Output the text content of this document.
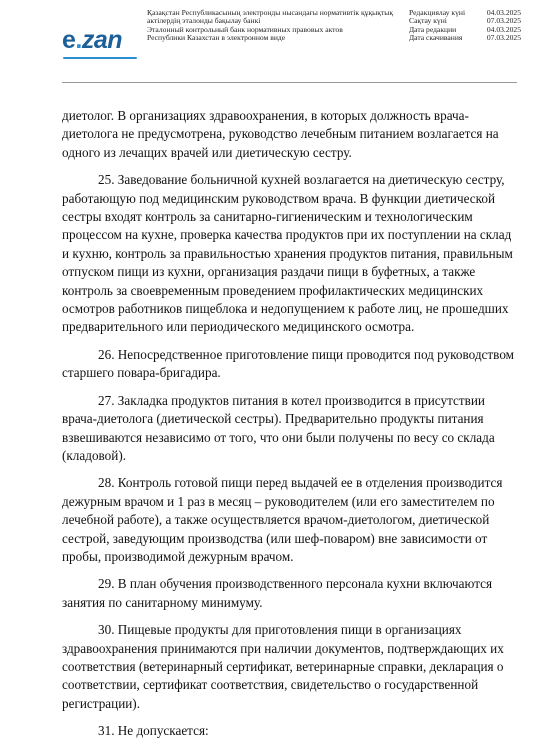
e.zan
Қазақстан Республикасының электронды нысандағы нормативтік құқықтық
актілердің эталонды бақылау банкі
Эталонный контрольный банк нормативных правовых актов
Республики Казахстан в электронном виде
Редакциялау күні	04.03.2025
Сақтау күні	07.03.2025
Дата редакции	04.03.2025
Дата скачивания	07.03.2025

диетолог. В организациях здравоохранения, в которых должность врача-диетолога не предусмотрена, руководство лечебным питанием возлагается на одного из лечащих врачей или диетическую сестру.

25. Заведование больничной кухней возлагается на диетическую сестру, работающую под медицинским руководством врача. В функции диетической сестры входят контроль за санитарно-гигиеническим и технологическим процессом на кухне, проверка качества продуктов при их поступлении на склад и кухню, контроль за правильностью хранения продуктов питания, правильным отпуском пищи из кухни, организация раздачи пищи в буфетных, а также контроль за своевременным проведением профилактических медицинских осмотров работников пищеблока и недопущением к работе лиц, не прошедших предварительного или периодического медицинского осмотра.

26. Непосредственное приготовление пищи проводится под руководством старшего повара-бригадира.

27. Закладка продуктов питания в котел производится в присутствии врача-диетолога (диетической сестры). Предварительно продукты питания взвешиваются независимо от того, что они были получены по весу со склада (кладовой).

28. Контроль готовой пищи перед выдачей ее в отделения производится дежурным врачом и 1 раз в месяц – руководителем (или его заместителем по лечебной работе), а также осуществляется врачом-диетологом, диетической сестрой, заведующим производства (или шеф-поваром) вне зависимости от пробы, производимой дежурным врачом.

29. В план обучения производственного персонала кухни включаются занятия по санитарному минимуму.

30. Пищевые продукты для приготовления пищи в организациях здравоохранения принимаются при наличии документов, подтверждающих их соответствия (ветеринарный сертификат, ветеринарные справки, декларация о соответствии, сертификат соответствия, свидетельство о государственной регистрации).

31. Не допускается:
